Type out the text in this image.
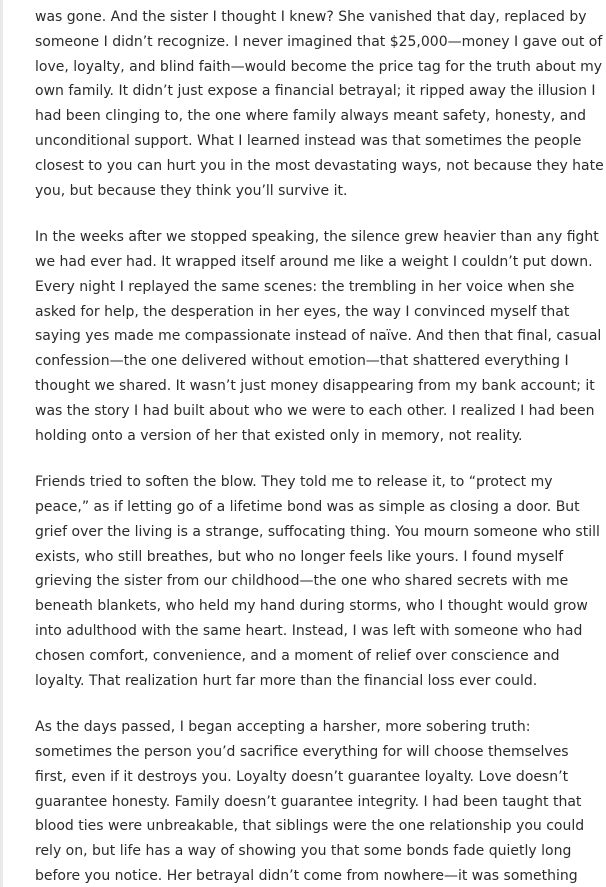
was gone. And the sister I thought I knew? She vanished that day, replaced by
someone I didn’t recognize. I never imagined that $25,000—money I gave out of
love, loyalty, and blind faith—would become the price tag for the truth about my
own family. It didn’t just expose a financial betrayal; it ripped away the illusion I
had been clinging to, the one where family always meant safety, honesty, and
unconditional support. What I learned instead was that sometimes the people
closest to you can hurt you in the most devastating ways, not because they hate
you, but because they think you’ll survive it.

In the weeks after we stopped speaking, the silence grew heavier than any fight
we had ever had. It wrapped itself around me like a weight I couldn’t put down.
Every night I replayed the same scenes: the trembling in her voice when she
asked for help, the desperation in her eyes, the way I convinced myself that
saying yes made me compassionate instead of naïve. And then that final, casual
confession—the one delivered without emotion—that shattered everything I
thought we shared. It wasn’t just money disappearing from my bank account; it
was the story I had built about who we were to each other. I realized I had been
holding onto a version of her that existed only in memory, not reality.

Friends tried to soften the blow. They told me to release it, to “protect my
peace,” as if letting go of a lifetime bond was as simple as closing a door. But
grief over the living is a strange, suffocating thing. You mourn someone who still
exists, who still breathes, but who no longer feels like yours. I found myself
grieving the sister from our childhood—the one who shared secrets with me
beneath blankets, who held my hand during storms, who I thought would grow
into adulthood with the same heart. Instead, I was left with someone who had
chosen comfort, convenience, and a moment of relief over conscience and
loyalty. That realization hurt far more than the financial loss ever could.

As the days passed, I began accepting a harsher, more sobering truth:
sometimes the person you’d sacrifice everything for will choose themselves
first, even if it destroys you. Loyalty doesn’t guarantee loyalty. Love doesn’t
guarantee honesty. Family doesn’t guarantee integrity. I had been taught that
blood ties were unbreakable, that siblings were the one relationship you could
rely on, but life has a way of showing you that some bonds fade quietly long
before you notice. Her betrayal didn’t come from nowhere—it was something
